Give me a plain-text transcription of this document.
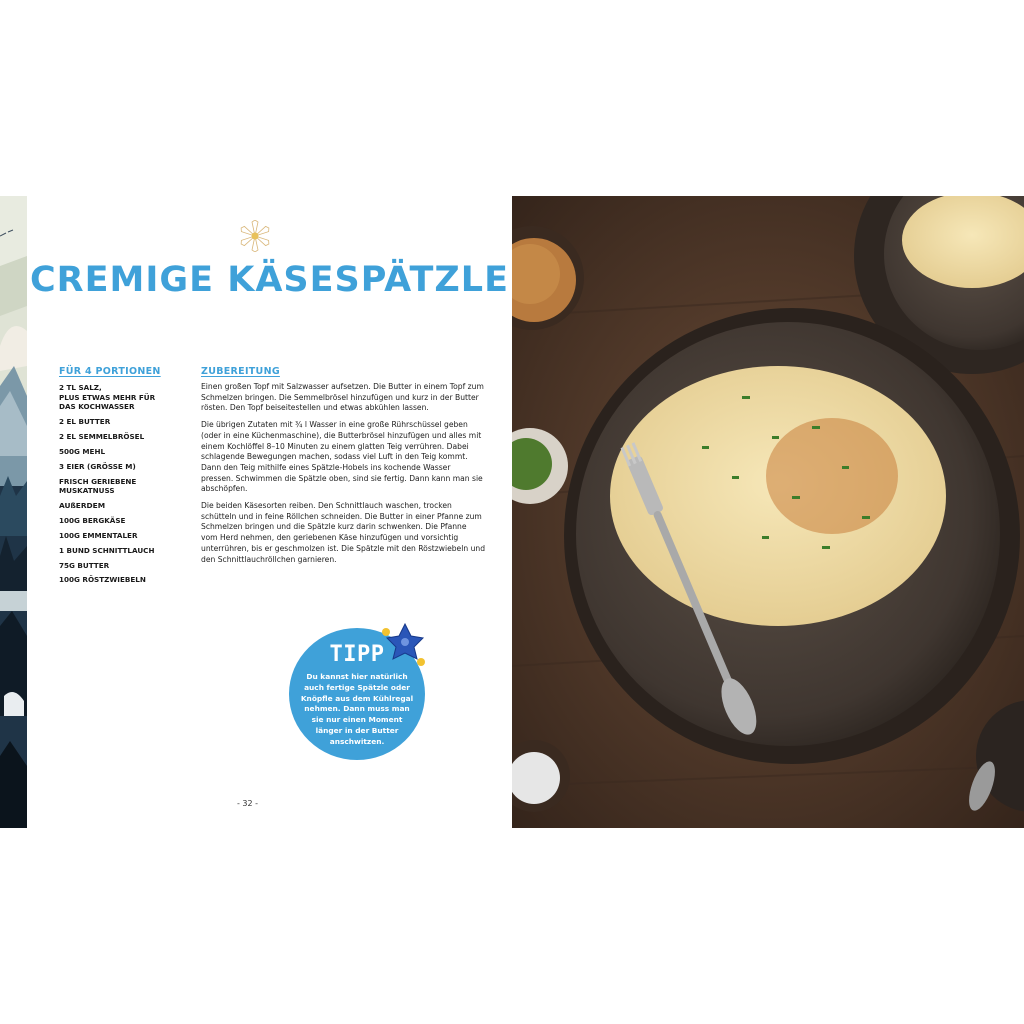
CREMIGE KÄSESPÄTZLE
FÜR 4 PORTIONEN	ZUBEREITUNG
2 TL SALZ,
PLUS ETWAS MEHR FÜR
DAS KOCHWASSER
2 EL BUTTER
2 EL SEMMELBRÖSEL
500G MEHL
3 EIER (GRÖSSE M)
FRISCH GERIEBENE
MUSKATNUSS
AUßERDEM
100G BERGKÄSE
100G EMMENTALER
1 BUND SCHNITTLAUCH
75G BUTTER
100G RÖSTZWIEBELN

Einen großen Topf mit Salzwasser aufsetzen. Die Butter in einem Topf zum Schmelzen bringen. Die Semmelbrösel hinzufügen und kurz in der Butter rösten. Den Topf beiseitestellen und etwas abkühlen lassen.

Die übrigen Zutaten mit ¾ l Wasser in eine große Rührschüssel geben (oder in eine Küchenmaschine), die Butterbrösel hinzufügen und alles mit einem Kochlöffel 8–10 Minuten zu einem glatten Teig verrühren. Dabei schlagende Bewegungen machen, sodass viel Luft in den Teig kommt. Dann den Teig mithilfe eines Spätzle-Hobels ins kochende Wasser pressen. Schwimmen die Spätzle oben, sind sie fertig. Dann kann man sie abschöpfen.

Die beiden Käsesorten reiben. Den Schnittlauch waschen, trocken schütteln und in feine Röllchen schneiden. Die Butter in einer Pfanne zum Schmelzen bringen und die Spätzle kurz darin schwenken. Die Pfanne vom Herd nehmen, den geriebenen Käse hinzufügen und vorsichtig unterrühren, bis er geschmolzen ist. Die Spätzle mit den Röstzwiebeln und den Schnittlauchröllchen garnieren.

TIPP
Du kannst hier natürlich auch fertige Spätzle oder Knöpfle aus dem Kühlregal nehmen. Dann muss man sie nur einen Moment länger in der Butter anschwitzen.
- 32 -
